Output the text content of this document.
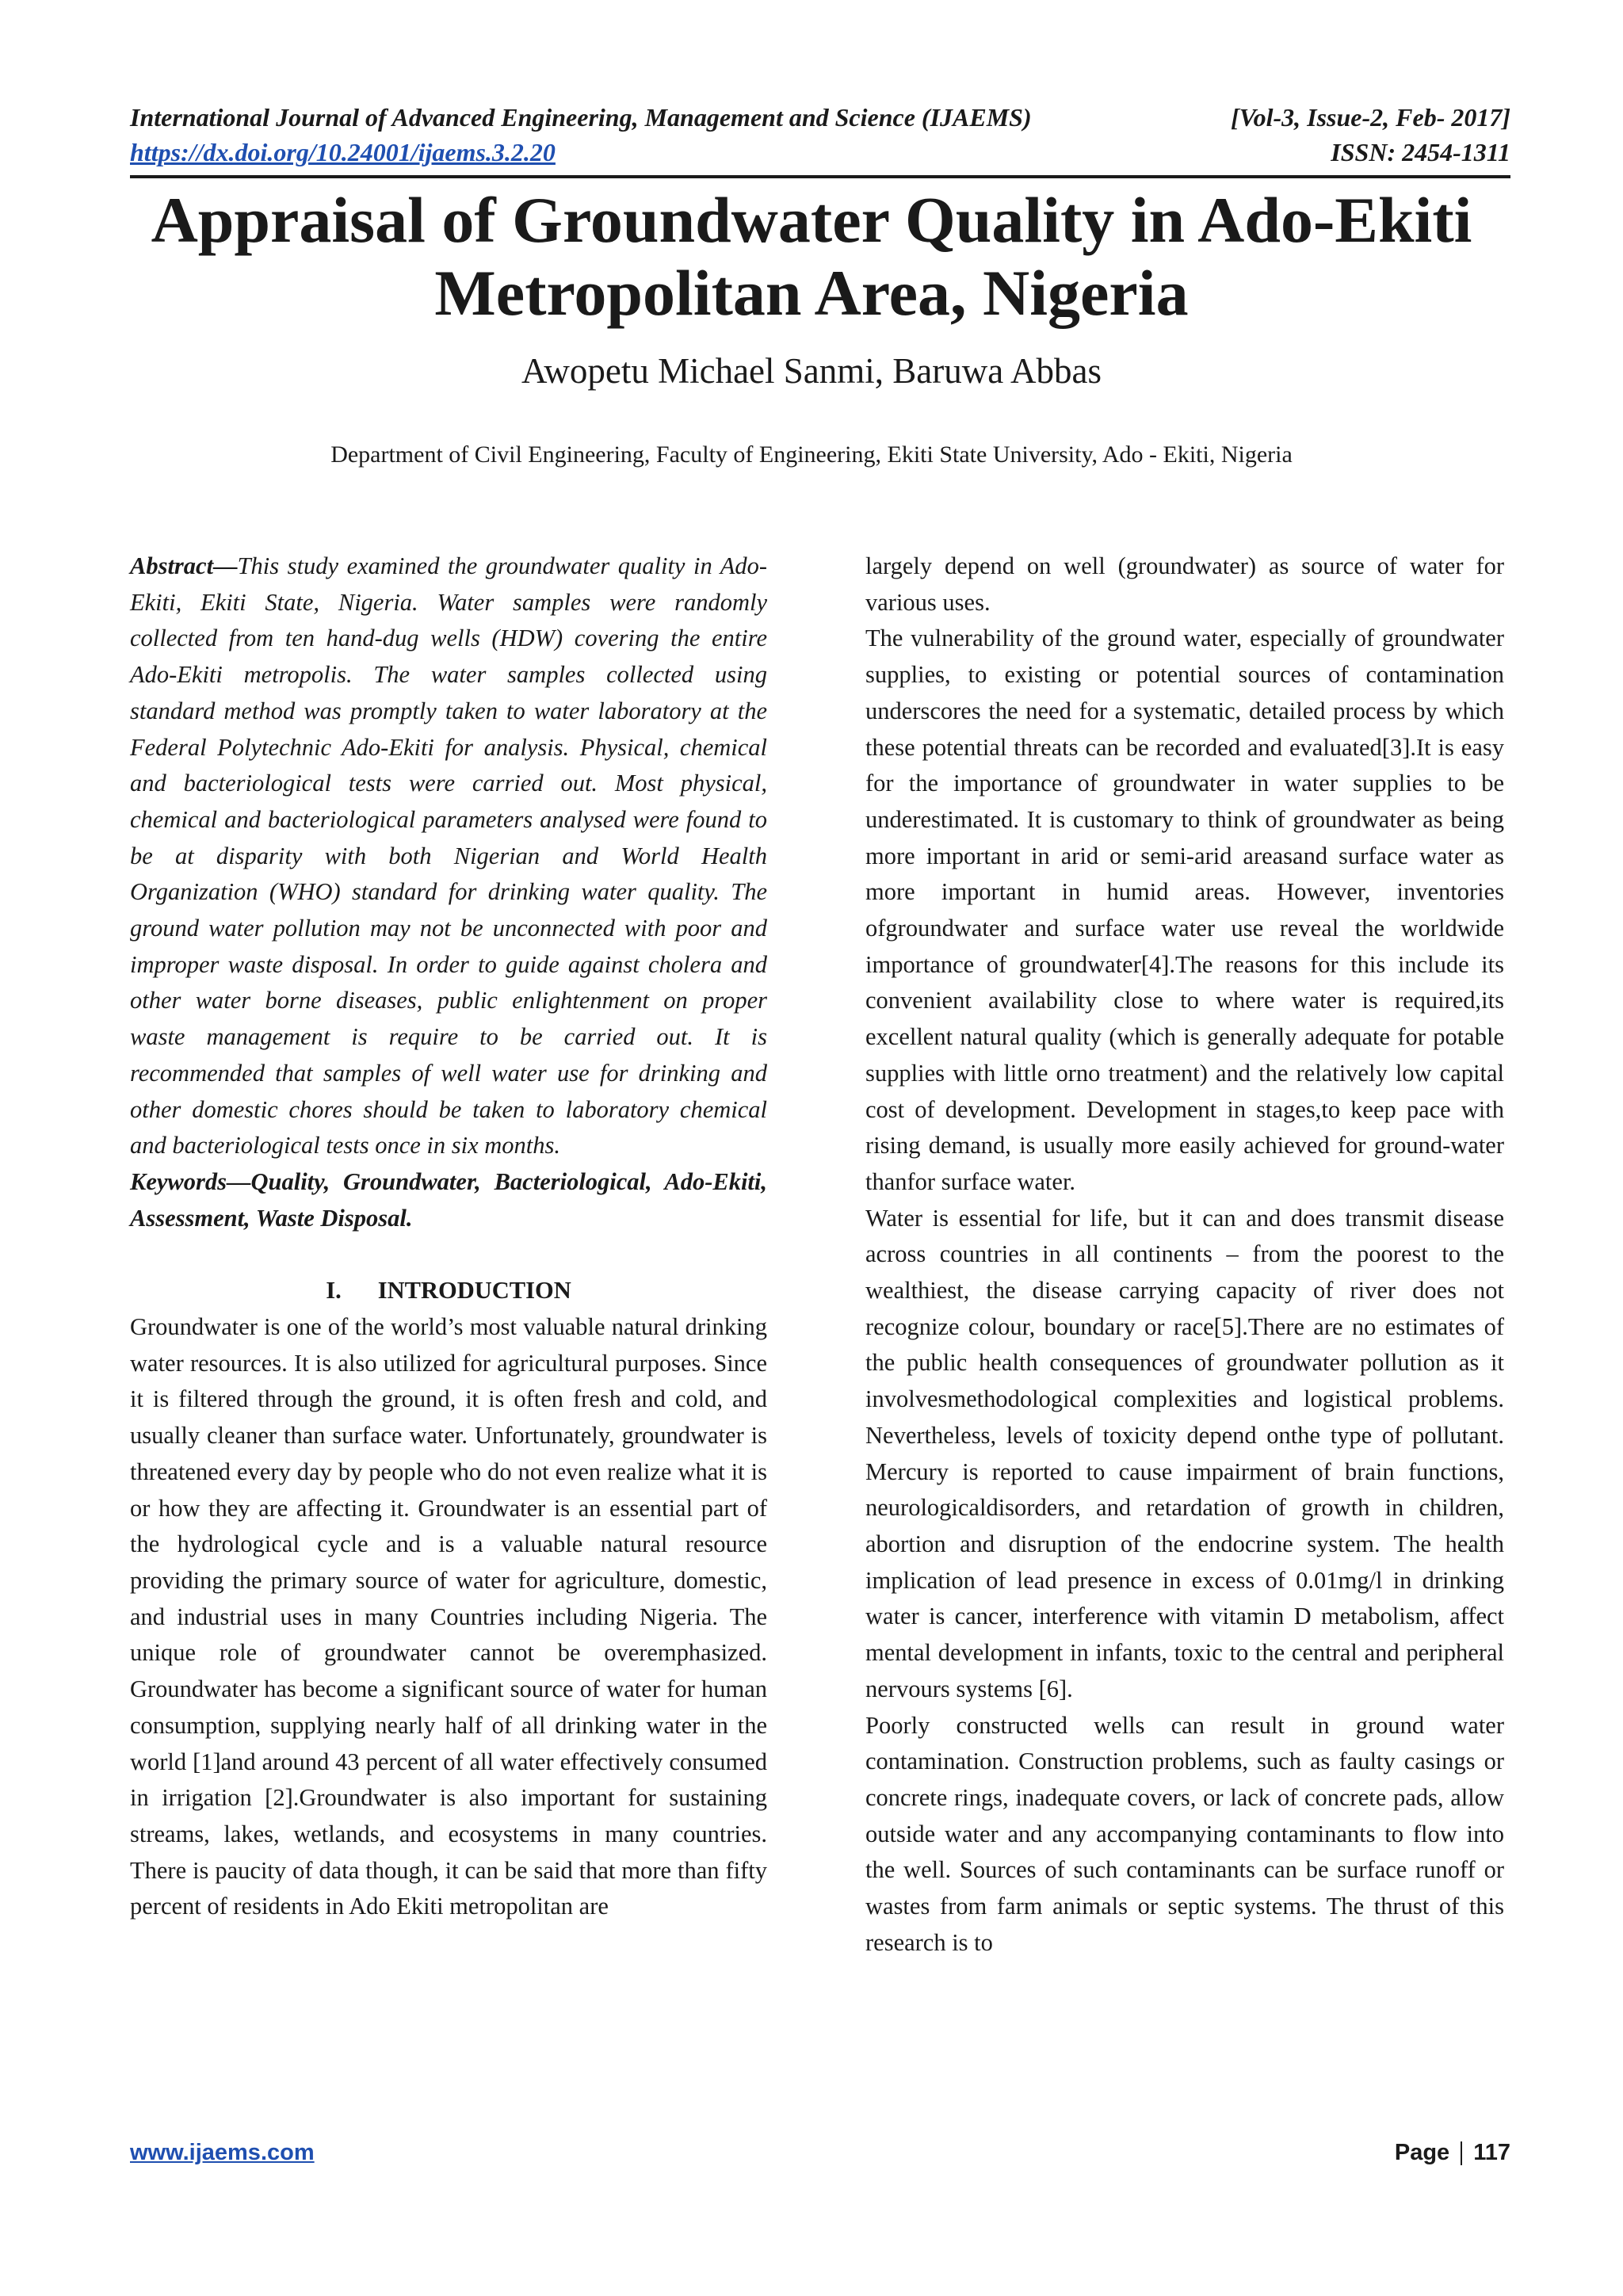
International Journal of Advanced Engineering, Management and Science (IJAEMS)	[Vol-3, Issue-2, Feb- 2017]
https://dx.doi.org/10.24001/ijaems.3.2.20	ISSN: 2454-1311
Appraisal of Groundwater Quality in Ado-Ekiti Metropolitan Area, Nigeria
Awopetu Michael Sanmi, Baruwa Abbas
Department of Civil Engineering, Faculty of Engineering, Ekiti State University, Ado - Ekiti, Nigeria

Abstract—This study examined the groundwater quality in Ado-Ekiti, Ekiti State, Nigeria. Water samples were randomly collected from ten hand-dug wells (HDW) covering the entire Ado-Ekiti metropolis. The water samples collected using standard method was promptly taken to water laboratory at the Federal Polytechnic Ado-Ekiti for analysis. Physical, chemical and bacteriological tests were carried out. Most physical, chemical and bacteriological parameters analysed were found to be at disparity with both Nigerian and World Health Organization (WHO) standard for drinking water quality. The ground water pollution may not be unconnected with poor and improper waste disposal. In order to guide against cholera and other water borne diseases, public enlightenment on proper waste management is require to be carried out. It is recommended that samples of well water use for drinking and other domestic chores should be taken to laboratory chemical and bacteriological tests once in six months.

Keywords—Quality, Groundwater, Bacteriological, Ado-Ekiti, Assessment, Waste Disposal.

I. INTRODUCTION

Groundwater is one of the world’s most valuable natural drinking water resources. It is also utilized for agricultural purposes. Since it is filtered through the ground, it is often fresh and cold, and usually cleaner than surface water. Unfortunately, groundwater is threatened every day by people who do not even realize what it is or how they are affecting it. Groundwater is an essential part of the hydrological cycle and is a valuable natural resource providing the primary source of water for agriculture, domestic, and industrial uses in many Countries including Nigeria. The unique role of groundwater cannot be overemphasized. Groundwater has become a significant source of water for human consumption, supplying nearly half of all drinking water in the world [1]and around 43 percent of all water effectively consumed in irrigation [2].Groundwater is also important for sustaining streams, lakes, wetlands, and ecosystems in many countries. There is paucity of data though, it can be said that more than fifty percent of residents in Ado Ekiti metropolitan are

largely depend on well (groundwater) as source of water for various uses.

The vulnerability of the ground water, especially of groundwater supplies, to existing or potential sources of contamination underscores the need for a systematic, detailed process by which these potential threats can be recorded and evaluated[3].It is easy for the importance of groundwater in water supplies to be underestimated. It is customary to think of groundwater as being more important in arid or semi-arid areasand surface water as more important in humid areas. However, inventories ofgroundwater and surface water use reveal the worldwide importance of groundwater[4].The reasons for this include its convenient availability close to where water is required,its excellent natural quality (which is generally adequate for potable supplies with little orno treatment) and the relatively low capital cost of development. Development in stages,to keep pace with rising demand, is usually more easily achieved for ground-water thanfor surface water.

Water is essential for life, but it can and does transmit disease across countries in all continents – from the poorest to the wealthiest, the disease carrying capacity of river does not recognize colour, boundary or race[5].There are no estimates of the public health consequences of groundwater pollution as it involvesmethodological complexities and logistical problems. Nevertheless, levels of toxicity depend onthe type of pollutant. Mercury is reported to cause impairment of brain functions, neurologicaldisorders, and retardation of growth in children, abortion and disruption of the endocrine system. The health implication of lead presence in excess of 0.01mg/l in drinking water is cancer, interference with vitamin D metabolism, affect mental development in infants, toxic to the central and peripheral nervours systems [6].

Poorly constructed wells can result in ground water contamination. Construction problems, such as faulty casings or concrete rings, inadequate covers, or lack of concrete pads, allow outside water and any accompanying contaminants to flow into the well. Sources of such contaminants can be surface runoff or wastes from farm animals or septic systems. The thrust of this research is to

www.ijaems.com	Page 117
